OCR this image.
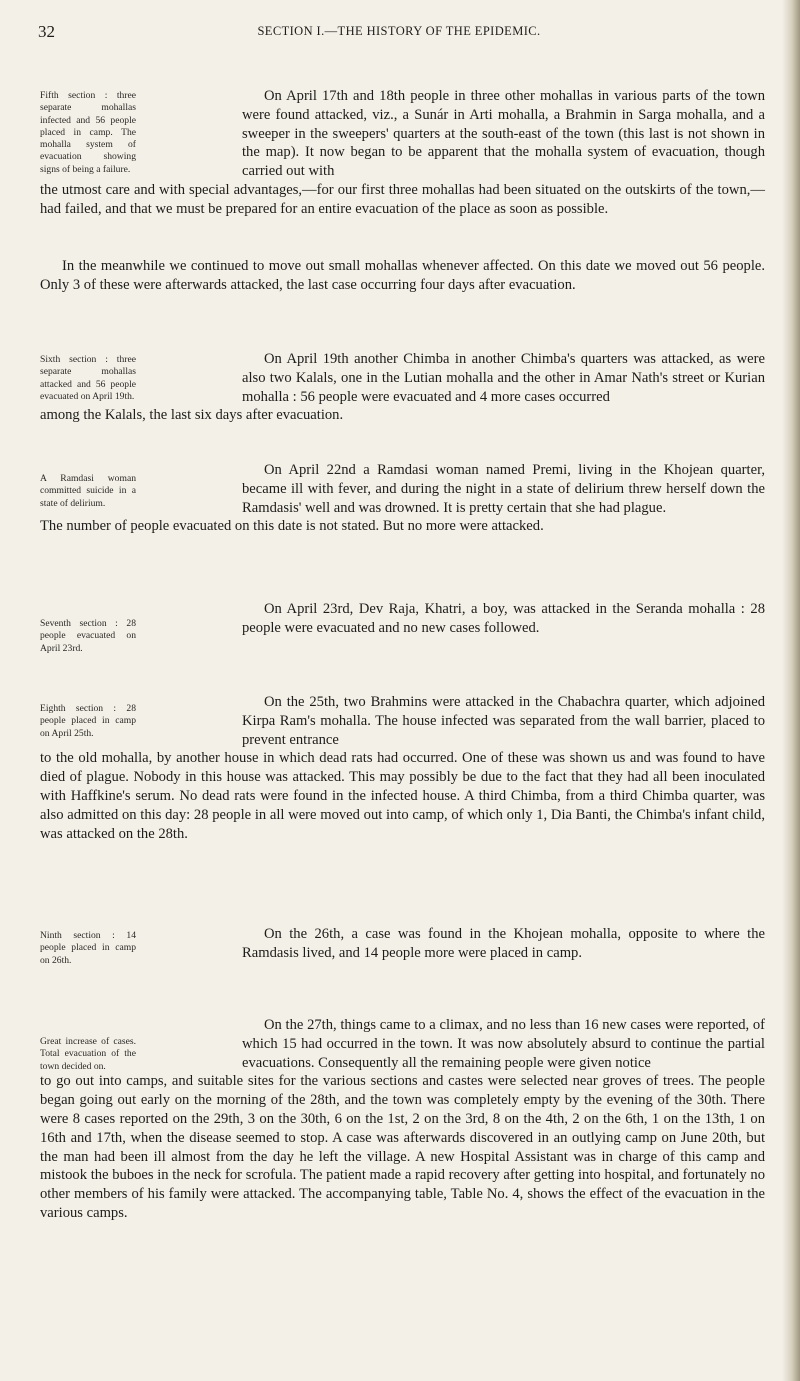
32	SECTION I.—THE HISTORY OF THE EPIDEMIC.
Fifth section : three separate mohallas infected and 56 people placed in camp. The mohalla system of evacuation showing signs of being a failure.

On April 17th and 18th people in three other mohallas in various parts of the town were found attacked, viz., a Sunár in Arti mohalla, a Brahmin in Sarga mohalla, and a sweeper in the sweepers' quarters at the south-east of the town (this last is not shown in the map). It now began to be apparent that the mohalla system of evacuation, though carried out with

the utmost care and with special advantages,—for our first three mohallas had been situated on the outskirts of the town,—had failed, and that we must be prepared for an entire evacuation of the place as soon as possible.

In the meanwhile we continued to move out small mohallas whenever affected. On this date we moved out 56 people. Only 3 of these were afterwards attacked, the last case occurring four days after evacuation.

Sixth section : three separate mohallas attacked and 56 people evacuated on April 19th.

On April 19th another Chimba in another Chimba's quarters was attacked, as were also two Kalals, one in the Lutian mohalla and the other in Amar Nath's street or Kurian mohalla : 56 people were evacuated and 4 more cases occurred

among the Kalals, the last six days after evacuation.

A Ramdasi woman committed suicide in a state of delirium.

On April 22nd a Ramdasi woman named Premi, living in the Khojean quarter, became ill with fever, and during the night in a state of delirium threw herself down the Ramdasis' well and was drowned. It is pretty certain that she had plague.

The number of people evacuated on this date is not stated. But no more were attacked.

Seventh section : 28 people evacuated on April 23rd.

On April 23rd, Dev Raja, Khatri, a boy, was attacked in the Seranda mohalla : 28 people were evacuated and no new cases followed.

Eighth section : 28 people placed in camp on April 25th.

On the 25th, two Brahmins were attacked in the Chabachra quarter, which adjoined Kirpa Ram's mohalla. The house infected was separated from the wall barrier, placed to prevent entrance

to the old mohalla, by another house in which dead rats had occurred. One of these was shown us and was found to have died of plague. Nobody in this house was attacked. This may possibly be due to the fact that they had all been inoculated with Haffkine's serum. No dead rats were found in the infected house. A third Chimba, from a third Chimba quarter, was also admitted on this day: 28 people in all were moved out into camp, of which only 1, Dia Banti, the Chimba's infant child, was attacked on the 28th.

Ninth section : 14 people placed in camp on 26th.

On the 26th, a case was found in the Khojean mohalla, opposite to where the Ramdasis lived, and 14 people more were placed in camp.

Great increase of cases. Total evacuation of the town decided on.

On the 27th, things came to a climax, and no less than 16 new cases were reported, of which 15 had occurred in the town. It was now absolutely absurd to continue the partial evacuations. Consequently all the remaining people were given notice

to go out into camps, and suitable sites for the various sections and castes were selected near groves of trees. The people began going out early on the morning of the 28th, and the town was completely empty by the evening of the 30th. There were 8 cases reported on the 29th, 3 on the 30th, 6 on the 1st, 2 on the 3rd, 8 on the 4th, 2 on the 6th, 1 on the 13th, 1 on 16th and 17th, when the disease seemed to stop. A case was afterwards discovered in an outlying camp on June 20th, but the man had been ill almost from the day he left the village. A new Hospital Assistant was in charge of this camp and mistook the buboes in the neck for scrofula. The patient made a rapid recovery after getting into hospital, and fortunately no other members of his family were attacked. The accompanying table, Table No. 4, shows the effect of the evacuation in the various camps.
